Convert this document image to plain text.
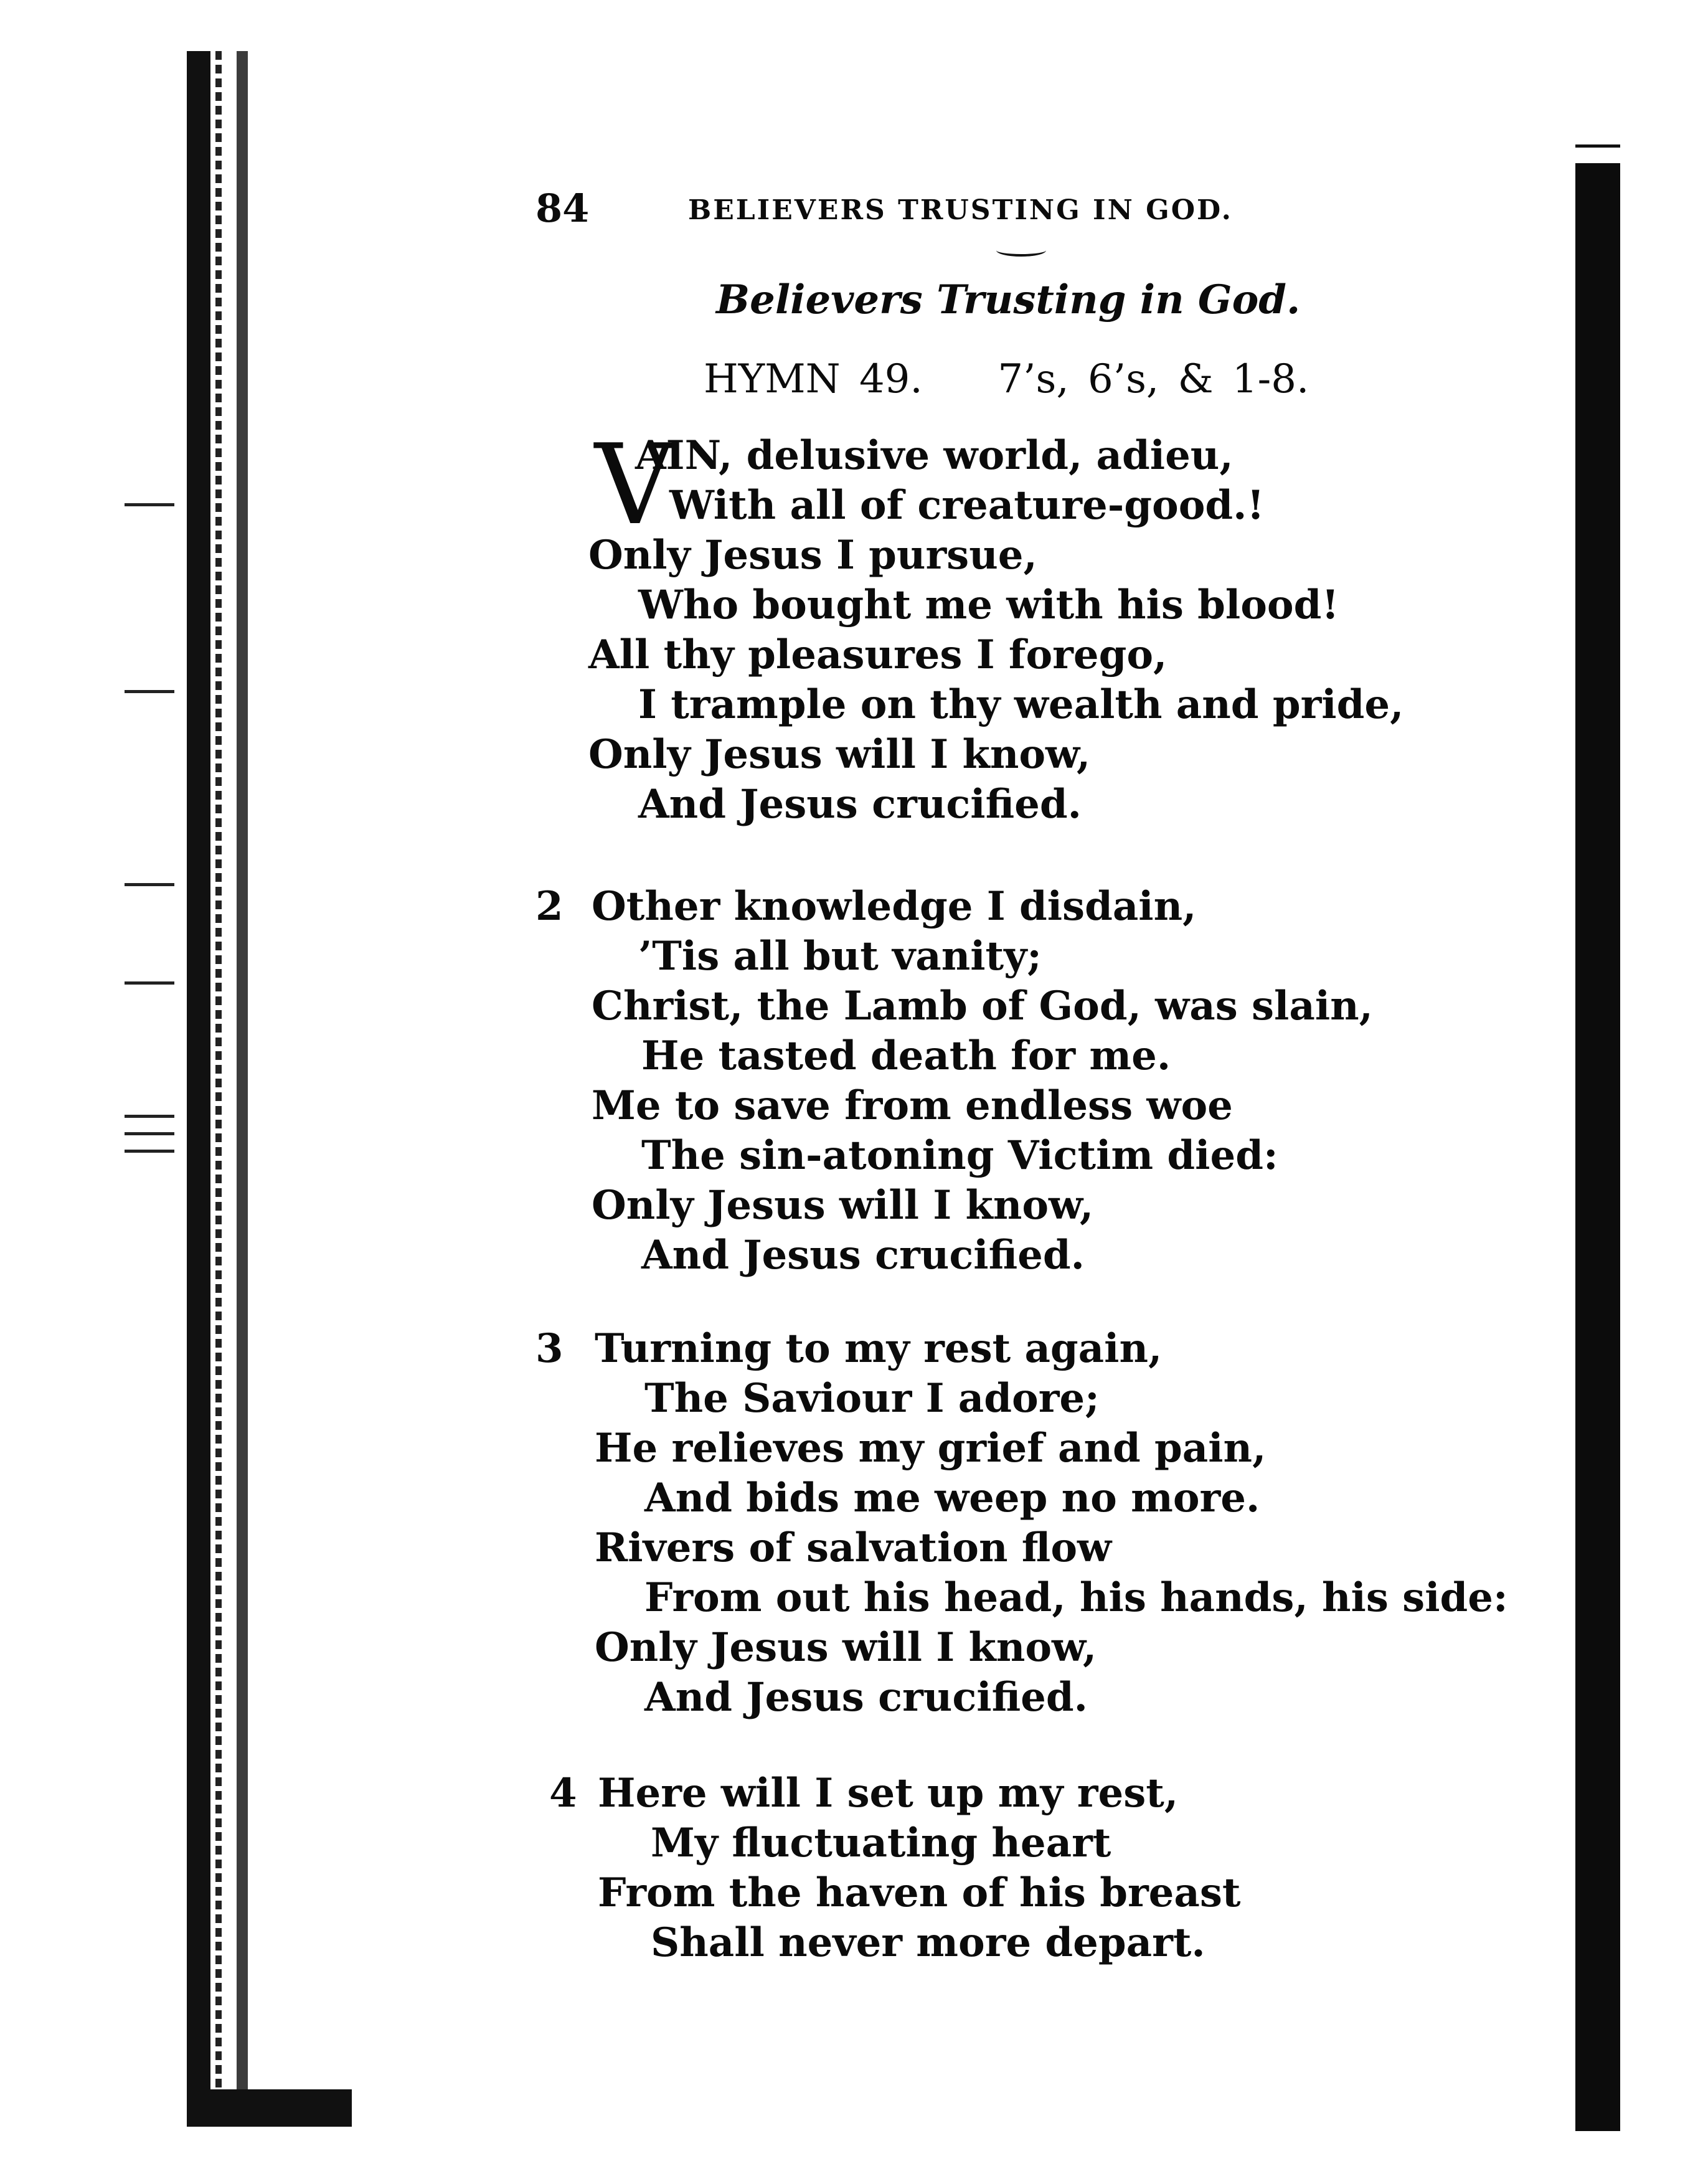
84	BELIEVERS TRUSTING IN GOD.
Believers Trusting in God.
HYMN 49. 7’s, 6’s, & 1-8.
V
AIN, delusive world, adieu,
With all of creature-good.!
Only Jesus I pursue,
Who bought me with his blood!
All thy pleasures I forego,
I trample on thy wealth and pride,
Only Jesus will I know,
And Jesus crucified.
2 Other knowledge I disdain,
’Tis all but vanity;
Christ, the Lamb of God, was slain,
He tasted death for me.
Me to save from endless woe
The sin-atoning Victim died:
Only Jesus will I know,
And Jesus crucified.
3 Turning to my rest again,
The Saviour I adore;
He relieves my grief and pain,
And bids me weep no more.
Rivers of salvation flow
From out his head, his hands, his side:
Only Jesus will I know,
And Jesus crucified.
4 Here will I set up my rest,
My fluctuating heart
From the haven of his breast
Shall never more depart.
